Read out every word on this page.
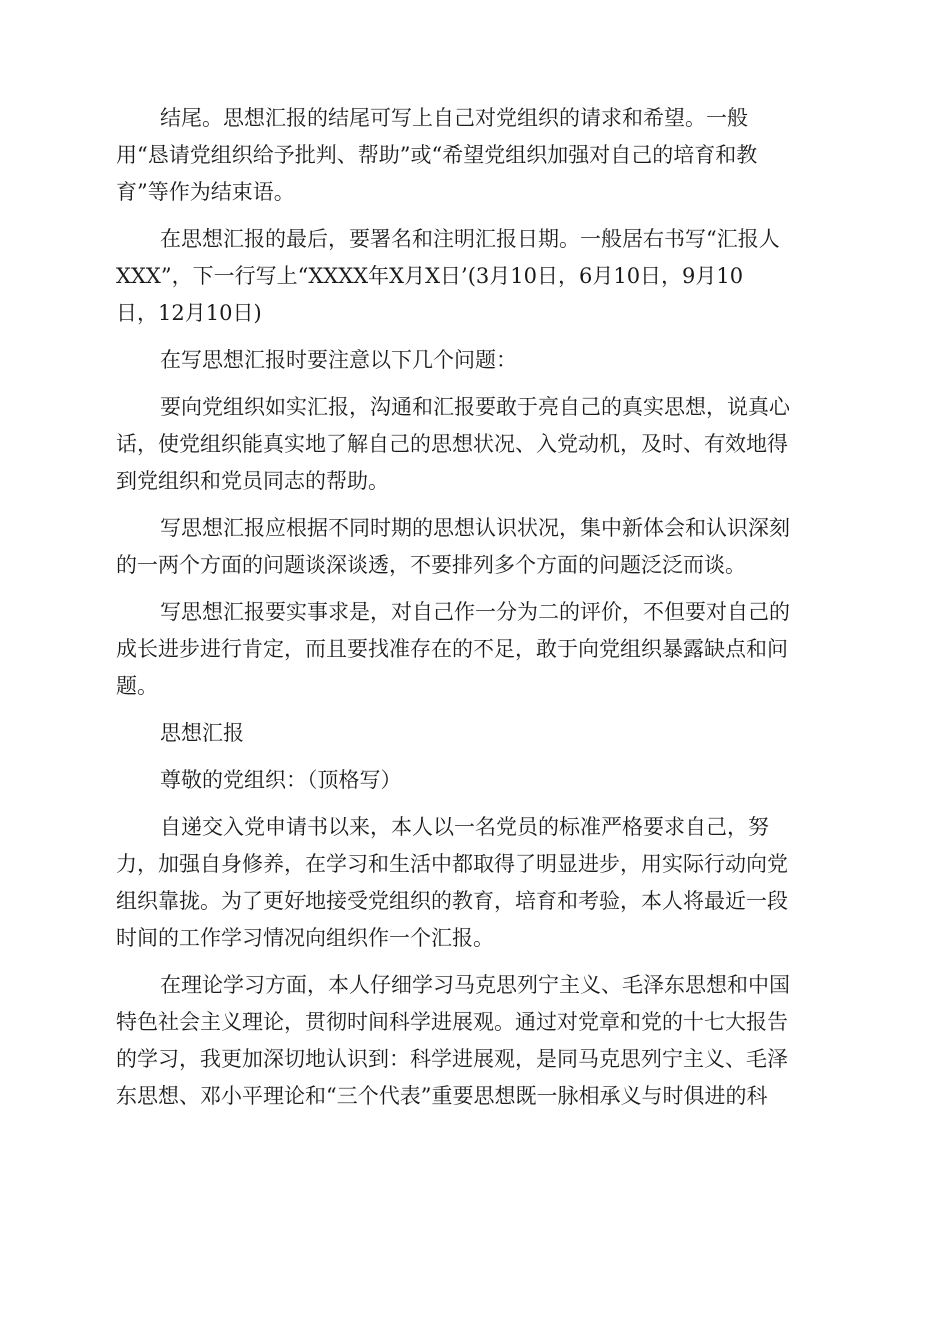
结尾。思想汇报的结尾可写上自己对党组织的请求和希望。一般
用“恳请党组织给予批判、帮助”或“希望党组织加强对自己的培育和教
育”等作为结束语。
在思想汇报的最后，要署名和注明汇报日期。一般居右书写“汇报人
XXX”，下一行写上“XXXX年X月X日’(3月10日，6月10日，9月10
日，12月10日)
在写思想汇报时要注意以下几个问题：
要向党组织如实汇报，沟通和汇报要敢于亮自己的真实思想，说真心
话，使党组织能真实地了解自己的思想状况、入党动机，及时、有效地得
到党组织和党员同志的帮助。
写思想汇报应根据不同时期的思想认识状况，集中新体会和认识深刻
的一两个方面的问题谈深谈透，不要排列多个方面的问题泛泛而谈。
写思想汇报要实事求是，对自己作一分为二的评价，不但要对自己的
成长进步进行肯定，而且要找准存在的不足，敢于向党组织暴露缺点和问
题。
思想汇报
尊敬的党组织：（顶格写）
自递交入党申请书以来，本人以一名党员的标准严格要求自己，努
力，加强自身修养，在学习和生活中都取得了明显进步，用实际行动向党
组织靠拢。为了更好地接受党组织的教育，培育和考验，本人将最近一段
时间的工作学习情况向组织作一个汇报。
在理论学习方面，本人仔细学习马克思列宁主义、毛泽东思想和中国
特色社会主义理论，贯彻时间科学进展观。通过对党章和党的十七大报告
的学习，我更加深切地认识到：科学进展观，是同马克思列宁主义、毛泽
东思想、邓小平理论和“三个代表”重要思想既一脉相承义与时俱进的科
